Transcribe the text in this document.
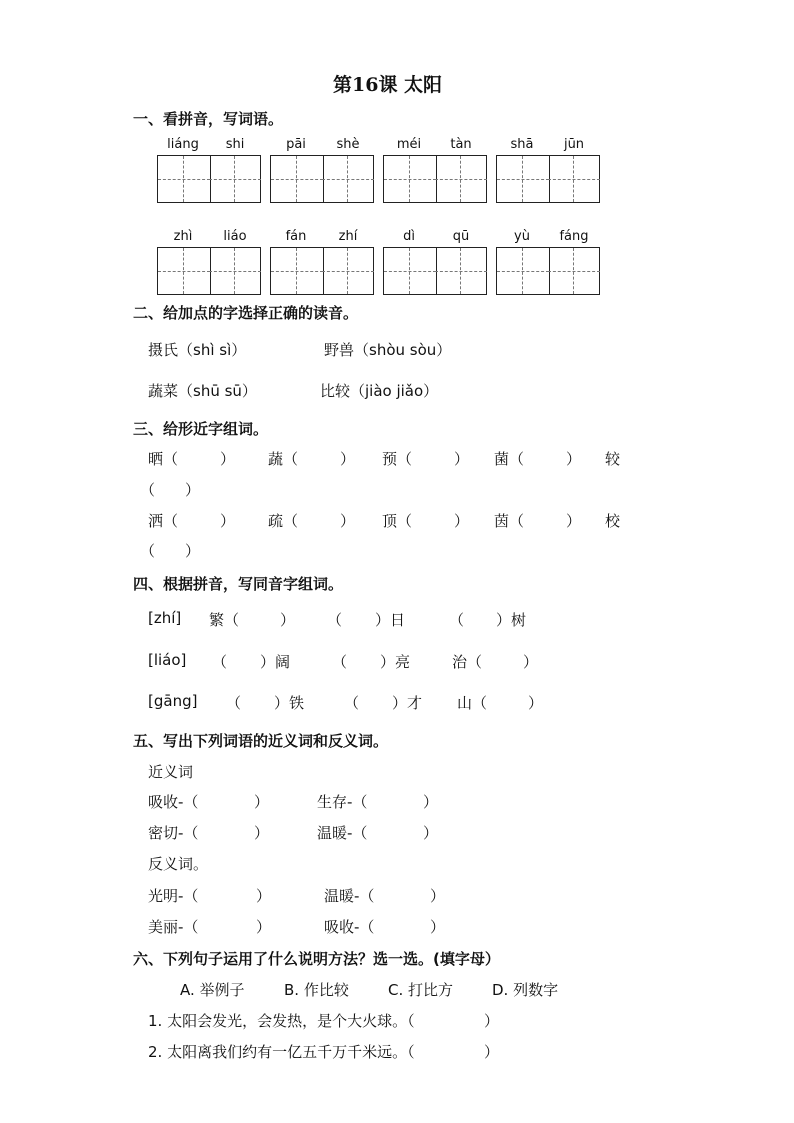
第16课 太阳
一、看拼音，写词语。
liáng	shi	pāi	shè	méi	tàn	shā	jūn
zhì	liáo	fán	zhí	dì	qū	yù	fáng
二、给加点的字选择正确的读音。
摄氏（shì sì）	野兽（shòu sòu）
蔬菜（shū sū）	比较（jiào jiǎo）
三、给形近字组词。
晒（	） 蔬（	） 预（	） 菌（	） 较
（　　）
洒（	） 疏（	） 顶（	） 茵（	） 校
（　　）
四、根据拼音，写同音字组词。
[zhí] 繁（	） （ ）日	（ ）树
[liáo] （ ）阔	（ ）亮	治（	）
[gāng] （ ）铁	（ ）才 山（	）
五、写出下列词语的近义词和反义词。
近义词
吸收-（	）	生存-（	）
密切-（	）	温暖-（	）
反义词。
光明-（	）	温暖-（	）
美丽-（	）	吸收-（	）
六、下列句子运用了什么说明方法？选一选。(填字母）
A. 举例子	B. 作比较	C. 打比方	D. 列数字
1. 太阳会发光，会发热，是个大火球。（	）
2. 太阳离我们约有一亿五千万千米远。（	）
